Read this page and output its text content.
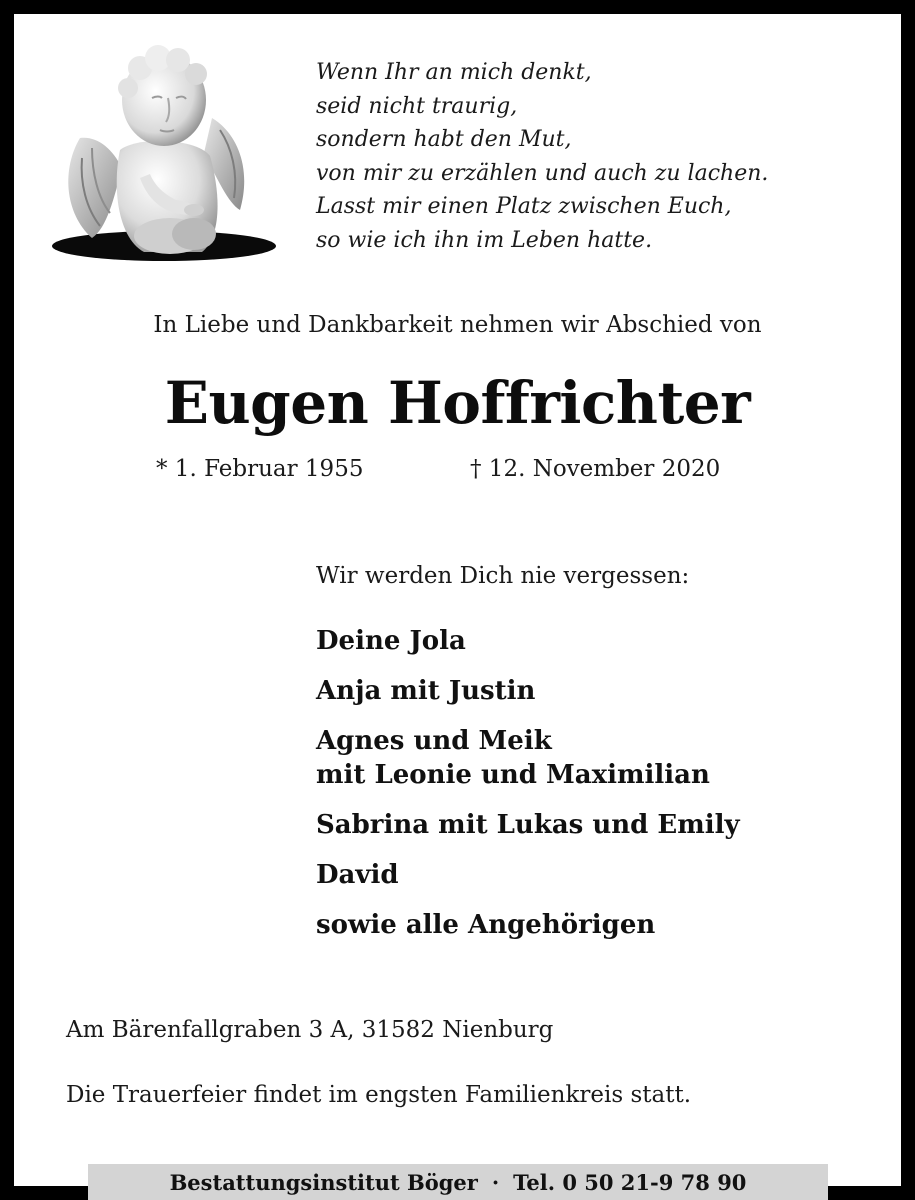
Wenn Ihr an mich denkt,
seid nicht traurig,
sondern habt den Mut,
von mir zu erzählen und auch zu lachen.
Lasst mir einen Platz zwischen Euch,
so wie ich ihn im Leben hatte.
In Liebe und Dankbarkeit nehmen wir Abschied von
Eugen Hoffrichter
* 1. Februar 1955	† 12. November 2020
Wir werden Dich nie vergessen:
Deine Jola
Anja mit Justin
Agnes und Meik
mit Leonie und Maximilian
Sabrina mit Lukas und Emily
David
sowie alle Angehörigen
Am Bärenfallgraben 3 A, 31582 Nienburg
Die Trauerfeier findet im engsten Familienkreis statt.
Bestattungsinstitut Böger · Tel. 0 50 21-9 78 90
